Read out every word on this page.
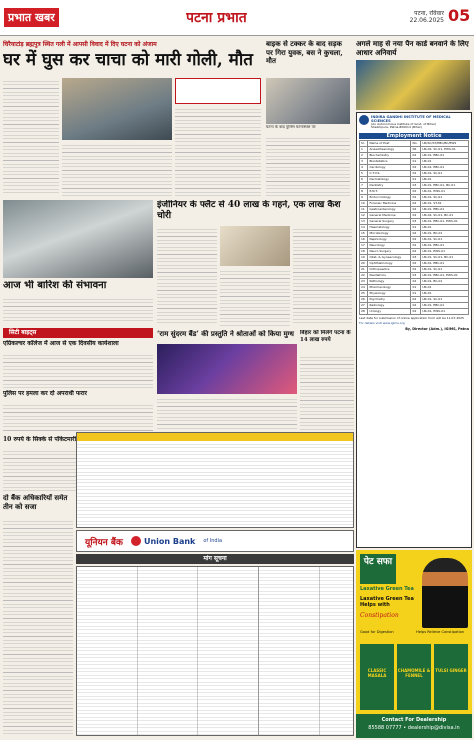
प्रभात खबर	पटना प्रभात	पटना, रविवार
22.06.2025 05
चिरैयाटांड़ ब्रह्मपुत्र स्थित गली में आपसी विवाद में दिए घटना को अंजाम
घर में घुस कर चाचा को मारी गोली, मौत
बाइक से टक्कर के बाद सड़क पर गिरा युवक, बस ने कुचला, मौत
घटना के बाद पुलिस घटनास्थल पर
अगले माह से नया पैन कार्ड बनवाने के लिए आधार अनिवार्य
INDIRA GANDHI INSTITUTE OF MEDICAL SCIENCES
(An Autonomous Institute of Govt. of Bihar)
Sheikhpura, Patna-800014 (Bihar)
Employment Notice
Sl.	Name of Post	No.	UR/SC/ST/EBC/BC/EWS
1	Anaesthesiology	06	UR-02, SC-01, EWS-01
2	Biochemistry	02	UR-01, EBC-01
3	Biostatistics	01	UR-01
4	Cardiology	02	UR-01, EBC-01
5	C.T.V.S.	02	UR-01, SC-01
6	Dermatology	01	UR-01
7	Dentistry	03	UR-01, EBC-01, BC-01
8	E.N.T.	02	UR-01, EWS-01
9	Endocrinology	02	UR-01, SC-01
10	Forensic Medicine	02	UR-01, ST-01
11	Gastroenterology	02	UR-01, EBC-01
12	General Medicine	04	UR-02, SC-01, BC-01
13	General Surgery	03	UR-01, EBC-01, EWS-01
14	Haematology	01	UR-01
15	Microbiology	02	UR-01, BC-01
16	Nephrology	02	UR-01, SC-01
17	Neurology	02	UR-01, EBC-01
18	Neuro Surgery	02	UR-01, EWS-01
19	Obst. & Gynaecology	03	UR-01, SC-01, BC-01
20	Ophthalmology	02	UR-01, EBC-01
21	Orthopaedics	02	UR-01, SC-01
22	Paediatrics	03	UR-01, EBC-01, EWS-01
23	Pathology	02	UR-01, BC-01
24	Pharmacology	01	UR-01
25	Physiology	01	UR-01
26	Psychiatry	02	UR-01, SC-01
27	Radiology	02	UR-01, EBC-01
28	Urology	02	UR-01, EWS-01
Last date for submission of online application form will be 11.07.2025
For details visit www.igims.org
By, Director (Adm.), IGIMS, Patna
आज भी बारिश की संभावना
इंजीनियर के फ्लैट से 40 लाख के गहने, एक लाख कैश चोरी
सिटी बाइट्स
एग्रिकल्चर कॉलेज में आज से एक दिवसीय कार्यशाला
पुलिस पर हमला कर दो अपराधी फरार
10 रुपये के सिक्के से पॉकेटमारी
दो बैंक अधिकारियों समेत तीन को सजा
‘राम सुंदरम बैंड’ की प्रस्तुति ने श्रोताओं को किया मुग्ध	बिहार को मिलेंगे पटना के 14 लाख रुपये
यूनियन बैंक	Union Bank of India
मांग सूचना	पेट सफा
Laxative Green Tea
Laxative Green Tea Helps with
Constipation
Good for Digestion	Helps Relieve Constipation
CLASSIC MASALA
CHAMOMILE & FENNEL
TULSI GINGER
Contact For Dealership
85588 07777 • dealership@divisa.in
